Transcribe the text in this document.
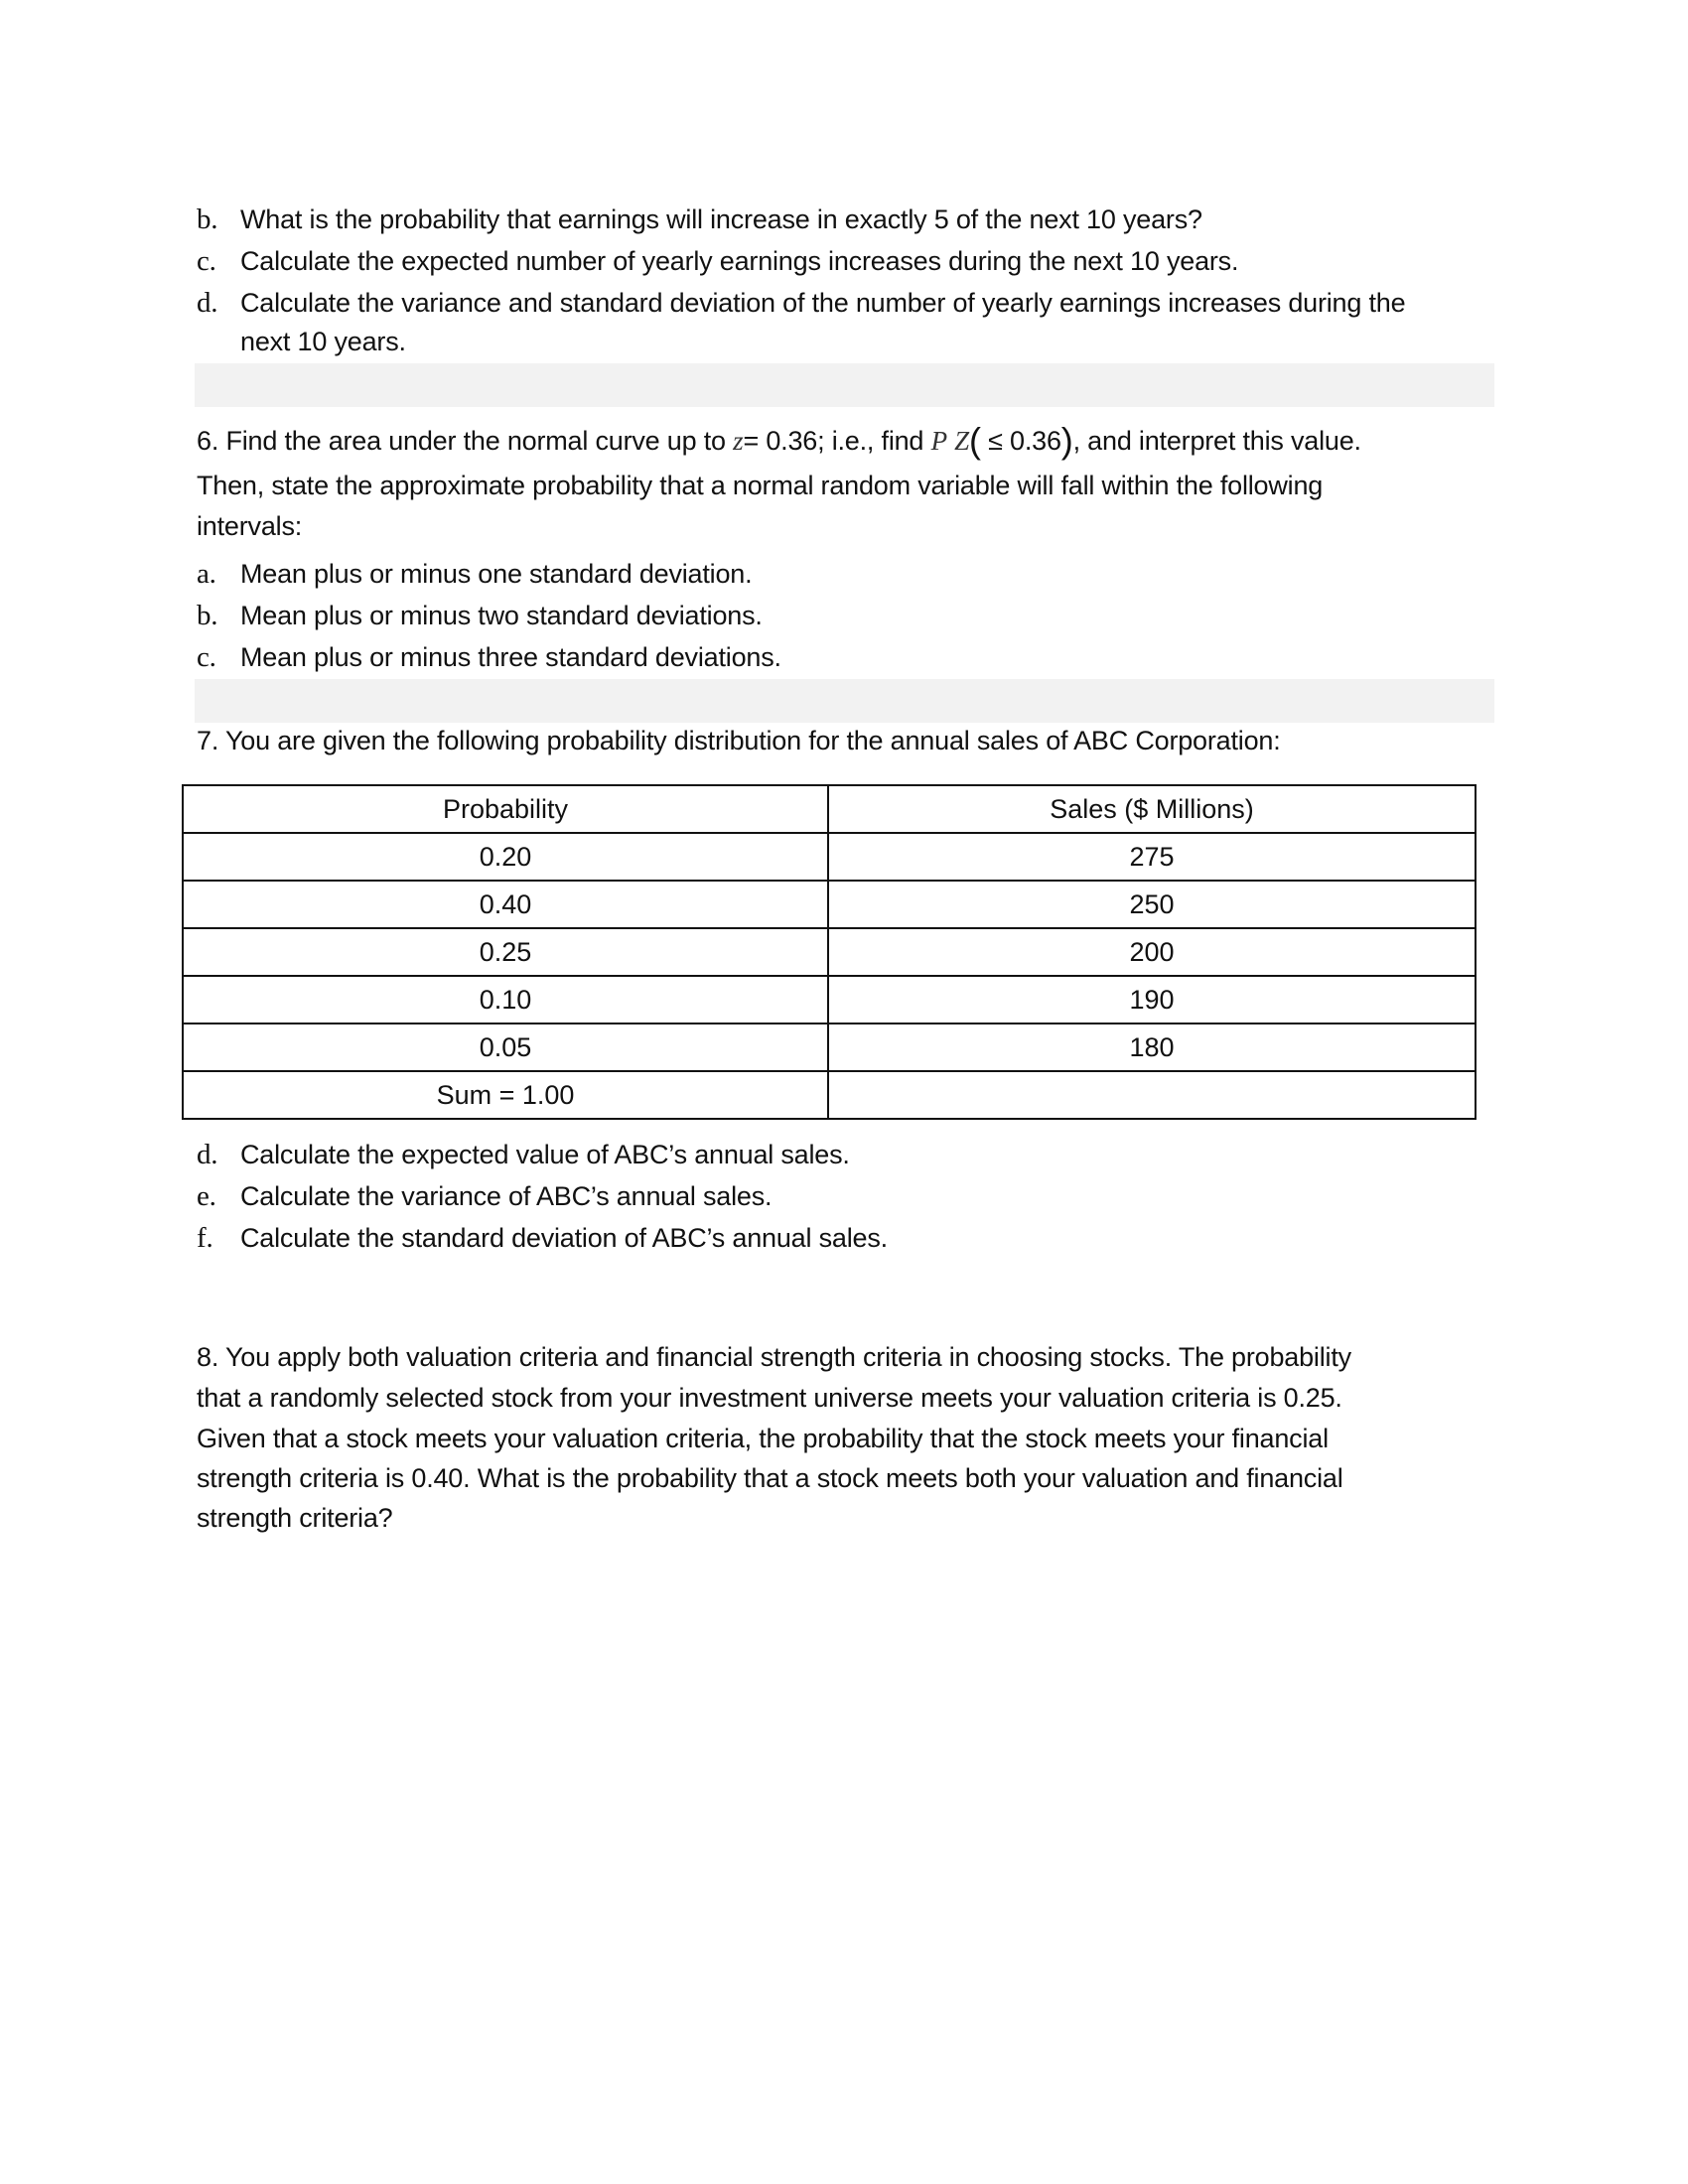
b. What is the probability that earnings will increase in exactly 5 of the next 10 years?
c. Calculate the expected number of yearly earnings increases during the next 10 years.
d. Calculate the variance and standard deviation of the number of yearly earnings increases during the
next 10 years.
6. Find the area under the normal curve up to z= 0.36; i.e., find P Z( ≤ 0.36), and interpret this value.
Then, state the approximate probability that a normal random variable will fall within the following
intervals:
a. Mean plus or minus one standard deviation.
b. Mean plus or minus two standard deviations.
c. Mean plus or minus three standard deviations.
7. You are given the following probability distribution for the annual sales of ABC Corporation:
Probability	Sales ($ Millions)
0.20	275
0.40	250
0.25	200
0.10	190
0.05	180
Sum = 1.00	
d. Calculate the expected value of ABC’s annual sales.
e. Calculate the variance of ABC’s annual sales.
f. Calculate the standard deviation of ABC’s annual sales.
8. You apply both valuation criteria and financial strength criteria in choosing stocks. The probability
that a randomly selected stock from your investment universe meets your valuation criteria is 0.25.
Given that a stock meets your valuation criteria, the probability that the stock meets your financial
strength criteria is 0.40. What is the probability that a stock meets both your valuation and financial
strength criteria?
